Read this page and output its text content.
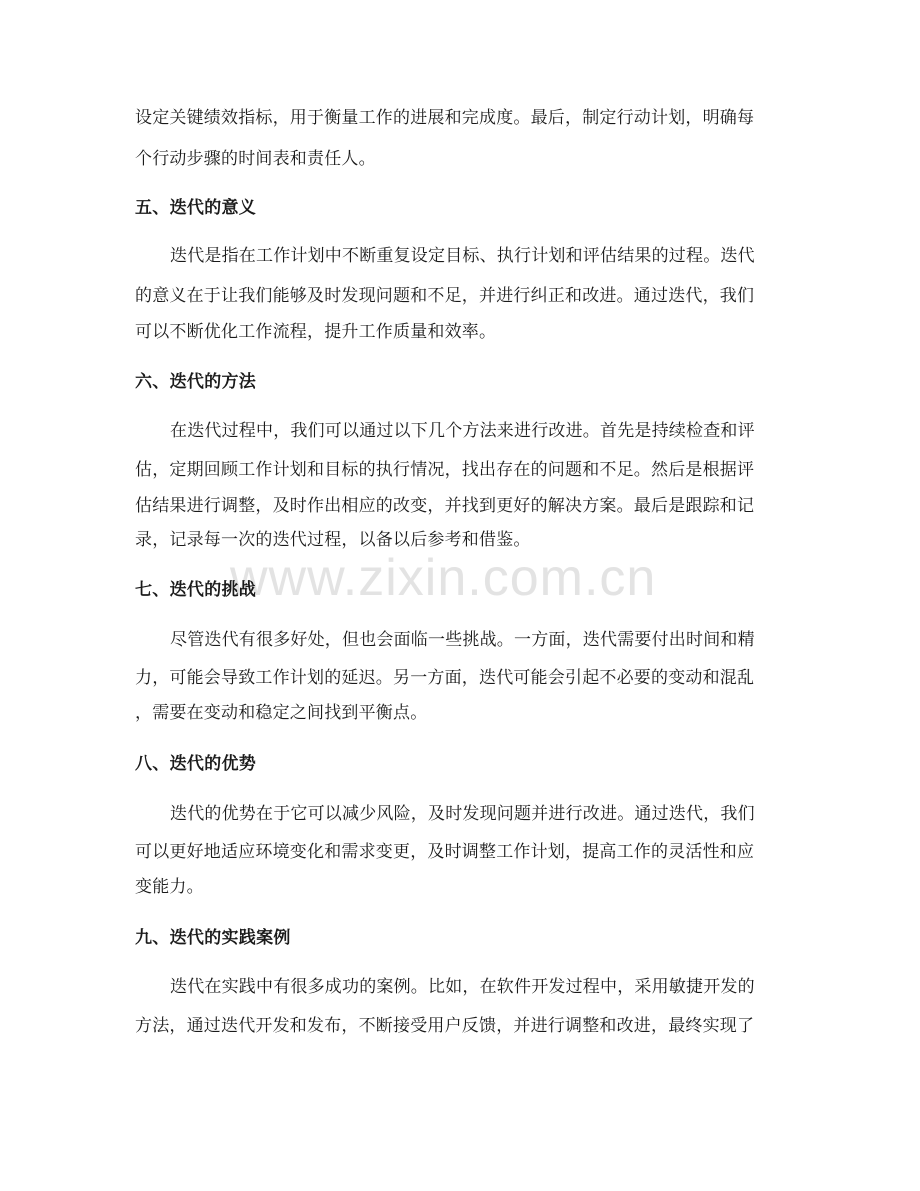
www.zixin.com.cn
设定关键绩效指标，用于衡量工作的进展和完成度。最后，制定行动计划，明确每
个行动步骤的时间表和责任人。
五、迭代的意义
迭代是指在工作计划中不断重复设定目标、执行计划和评估结果的过程。迭代
的意义在于让我们能够及时发现问题和不足，并进行纠正和改进。通过迭代，我们
可以不断优化工作流程，提升工作质量和效率。
六、迭代的方法
在迭代过程中，我们可以通过以下几个方法来进行改进。首先是持续检查和评
估，定期回顾工作计划和目标的执行情况，找出存在的问题和不足。然后是根据评
估结果进行调整，及时作出相应的改变，并找到更好的解决方案。最后是跟踪和记
录，记录每一次的迭代过程，以备以后参考和借鉴。
七、迭代的挑战
尽管迭代有很多好处，但也会面临一些挑战。一方面，迭代需要付出时间和精
力，可能会导致工作计划的延迟。另一方面，迭代可能会引起不必要的变动和混乱
，需要在变动和稳定之间找到平衡点。
八、迭代的优势
迭代的优势在于它可以减少风险，及时发现问题并进行改进。通过迭代，我们
可以更好地适应环境变化和需求变更，及时调整工作计划，提高工作的灵活性和应
变能力。
九、迭代的实践案例
迭代在实践中有很多成功的案例。比如，在软件开发过程中，采用敏捷开发的
方法，通过迭代开发和发布，不断接受用户反馈，并进行调整和改进，最终实现了
